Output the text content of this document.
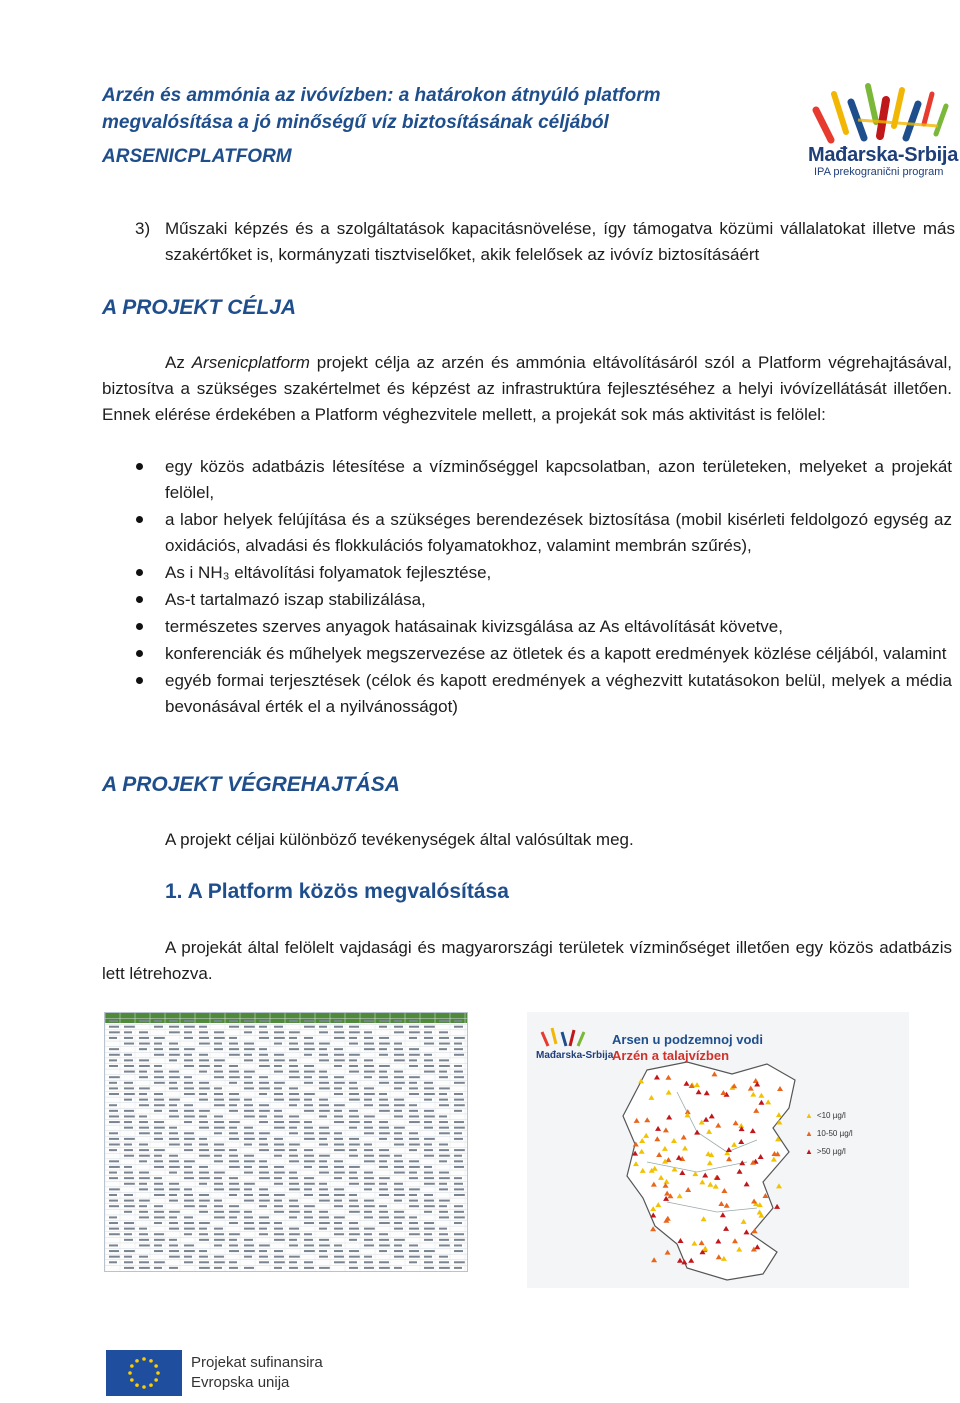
Arzén és ammónia az ivóvízben: a határokon átnyúló platform megvalósítása a jó minőségű víz biztosításának céljából
ARSENICPLATFORM	Mađarska-Srbija
IPA prekogranični program
3) Műszaki képzés és a szolgáltatások kapacitásnövelése, így támogatva közümi vállalatokat illetve más szakértőket is, kormányzati tisztviselőket, akik felelősek az ivóvíz biztosításáért
A PROJEKT CÉLJA
Az Arsenicplatform projekt célja az arzén és ammónia eltávolításáról szól a Platform végrehajtásával, biztosítva a szükséges szakértelmet és képzést az infrastruktúra fejlesztéséhez a helyi ivóvízellátását illetően. Ennek elérése érdekében a Platform véghezvitele mellett, a projekát sok más aktivitást is felölel:
egy közös adatbázis létesítése a vízminőséggel kapcsolatban, azon területeken, melyeket a projekát felölel,
a labor helyek felújítása és a szükséges berendezések biztosítása (mobil kisérleti feldolgozó egység az oxidációs, alvadási és flokkulációs folyamatokhoz, valamint membrán szűrés),
As i NH₃ eltávolítási folyamatok fejlesztése,
As-t tartalmazó iszap stabilizálása,
természetes szerves anyagok hatásainak kivizsgálása az As eltávolítását követve,
konferenciák és műhelyek megszervezése az ötletek és a kapott eredmények közlése céljából, valamint
egyéb formai terjesztések (célok és kapott eredmények a véghezvitt kutatásokon belül, melyek a média bevonásával érték el a nyilvánosságot)
A PROJEKT VÉGREHAJTÁSA
A projekt céljai különböző tevékenységek által valósúltak meg.
1. A Platform közös megvalósítása
A projekát által felölelt vajdasági és magyarországi területek vízminőséget illetően egy közös adatbázis lett létrehozva.
Mađarska-Srbija
Arsen u podzemnoj vodi
Arzén a talajvízben
▲ <10 µg/l
▲ 10-50 µg/l
▲ >50 µg/l
Projekat sufinansira
Evropska unija
